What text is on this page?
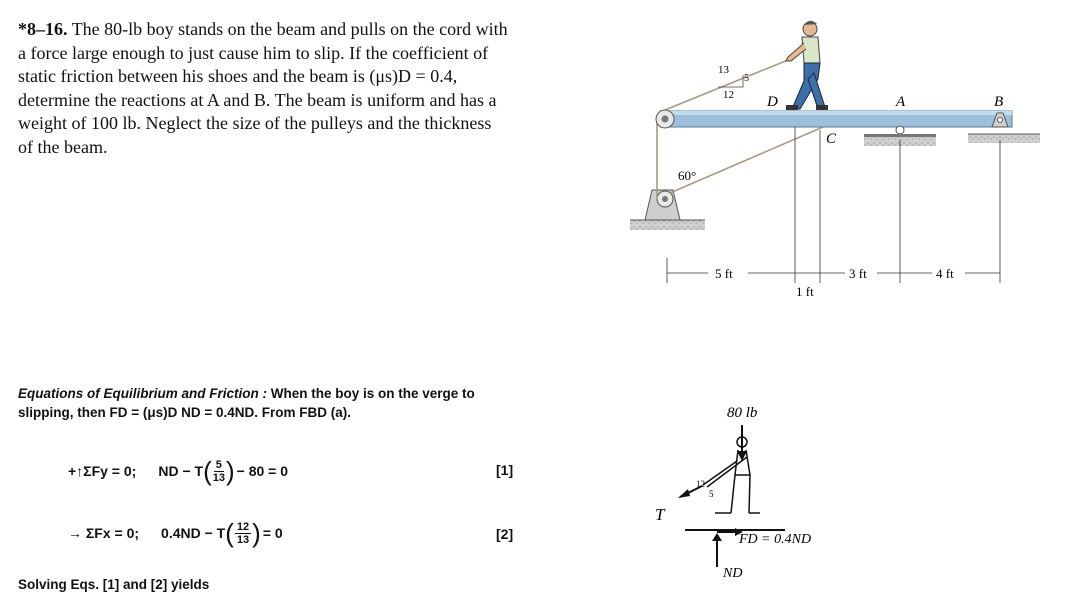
*8–16. The 80-lb boy stands on the beam and pulls on the cord with a force large enough to just cause him to slip. If the coefficient of static friction between his shoes and the beam is (μs)D = 0.4, determine the reactions at A and B. The beam is uniform and has a weight of 100 lb. Neglect the size of the pulleys and the thickness of the beam.
13
5
12 D	A	B
C
60°
5 ft
1 ft
3 ft	4 ft
Equations of Equilibrium and Friction : When the boy is on the verge to slipping, then FD = (μs)D ND = 0.4ND. From FBD (a).
+↑ΣFy = 0; ND − T ( $\frac{5}{13}$ ) − 80 = 0	[1]
→ ΣFx = 0; 0.4ND − T ( $\frac{12}{13}$ ) = 0	[2]
Solving Eqs. [1] and [2] yields
80 lb
T
12
5
FD = 0.4ND
ND
